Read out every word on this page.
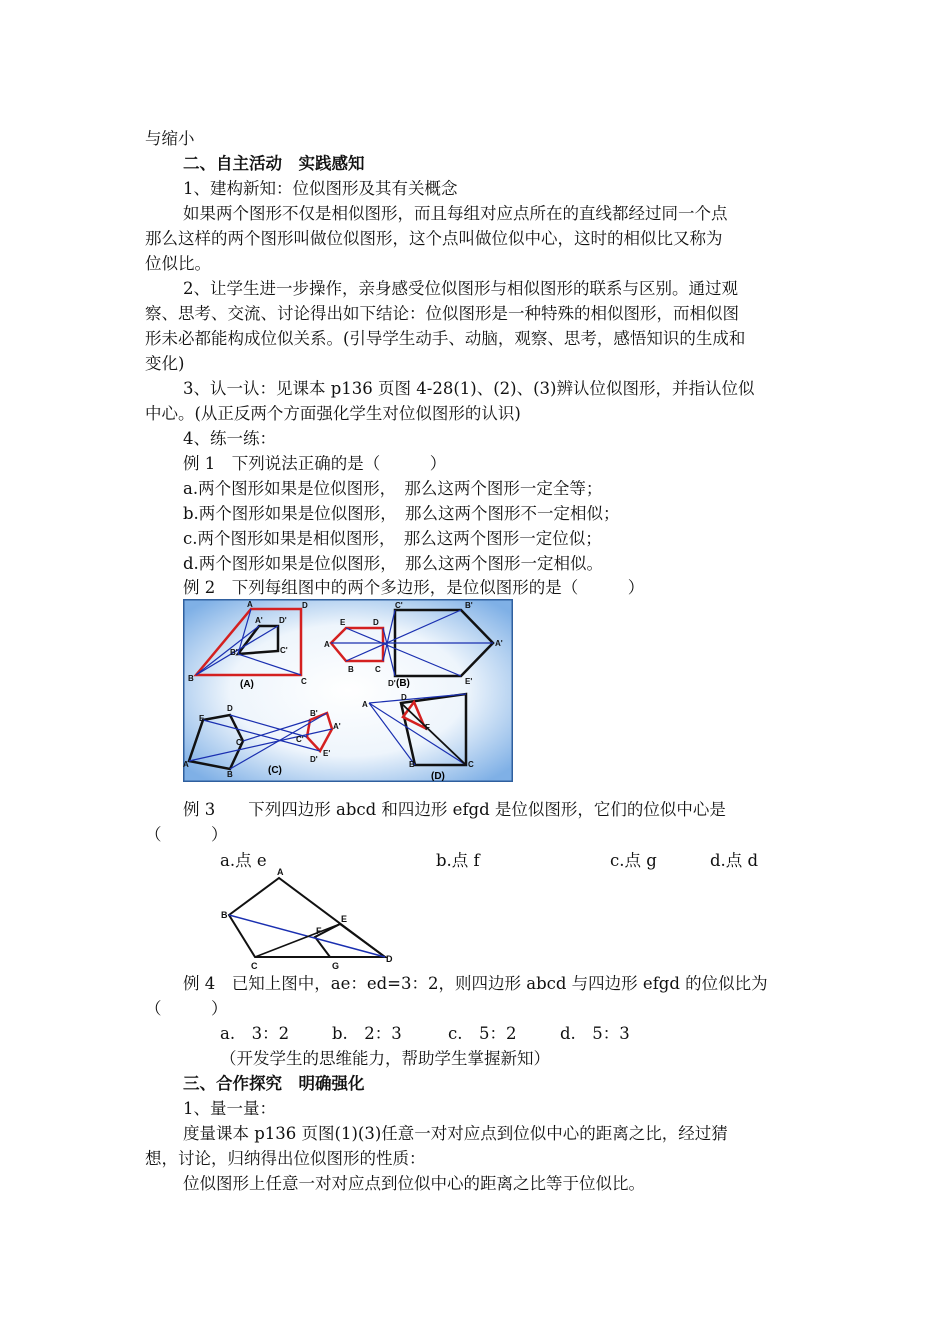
与缩小
二、自主活动　实践感知
1、建构新知：位似图形及其有关概念
如果两个图形不仅是相似图形，而且每组对应点所在的直线都经过同一个点
那么这样的两个图形叫做位似图形，这个点叫做位似中心，这时的相似比又称为
位似比。
2、让学生进一步操作，亲身感受位似图形与相似图形的联系与区别。通过观
察、思考、交流、讨论得出如下结论：位似图形是一种特殊的相似图形，而相似图
形未必都能构成位似关系。(引导学生动手、动脑，观察、思考，感悟知识的生成和
变化)
3、认一认：见课本 p136 页图 4-28(1)、(2)、(3)辨认位似图形，并指认位似
中心。(从正反两个方面强化学生对位似图形的认识)
4、练一练：
例 1　下列说法正确的是（　　　）
a.两个图形如果是位似图形，　那么这两个图形一定全等；
b.两个图形如果是位似图形，　那么这两个图形不一定相似；
c.两个图形如果是相似图形，　那么这两个图形一定位似；
d.两个图形如果是位似图形，　那么这两个图形一定相似。
例 2　下列每组图中的两个多边形，是位似图形的是（　　　）
A	D
A' D'
B'	C'
B	C
(A)
A
E	D
B	C
C'	B'
A'
D'	E'
(B)
E
D
C
A
B
B'
A'
C'
D'
E'
(C)
A
D
F
B	C
(D)
例 3　　下列四边形 abcd 和四边形 efgd 是位似图形，它们的位似中心是
（　　　）
a.点 e	b.点 f	c.点 g	d.点 d
A
B
C
D
E
F
G
例 4　已知上图中，ae：ed=3：2，则四边形 abcd 与四边形 efgd 的位似比为
（　　　）
a.　3：2	b.　2：3	c.　5：2	d.　5：3
（开发学生的思维能力，帮助学生掌握新知）
三、合作探究　明确强化
1、量一量：
度量课本 p136 页图(1)(3)任意一对对应点到位似中心的距离之比，经过猜
想，讨论，归纳得出位似图形的性质：
位似图形上任意一对对应点到位似中心的距离之比等于位似比。
